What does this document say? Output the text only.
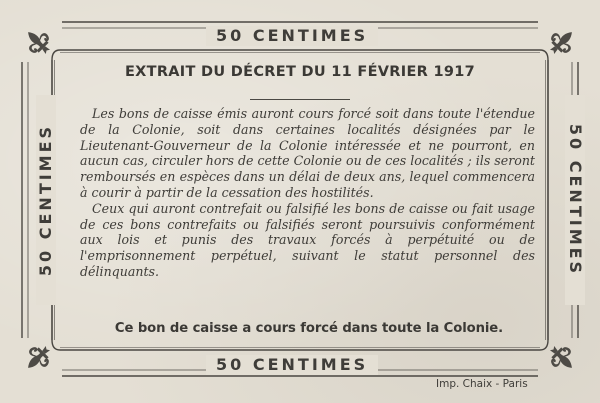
50 CENTIMES
50 CENTIMES
50 CENTIMES	50 CENTIMES
EXTRAIT DU DÉCRET DU 11 FÉVRIER 1917

Les bons de caisse émis auront cours forcé soit dans toute l'étendue de la Colonie, soit dans certaines localités désignées par le Lieutenant-Gouverneur de la Colonie intéressée et ne pourront, en aucun cas, circuler hors de cette Colonie ou de ces localités ; ils seront remboursés en espèces dans un délai de deux ans, lequel commencera à courir à partir de la cessation des hostilités.

Ceux qui auront contrefait ou falsifié les bons de caisse ou fait usage de ces bons contrefaits ou falsifiés seront poursuivis conformément aux lois et punis des travaux forcés à perpétuité ou de l'emprisonnement perpétuel, suivant le statut personnel des délinquants.

Ce bon de caisse a cours forcé dans toute la Colonie.
Imp. Chaix - Paris
